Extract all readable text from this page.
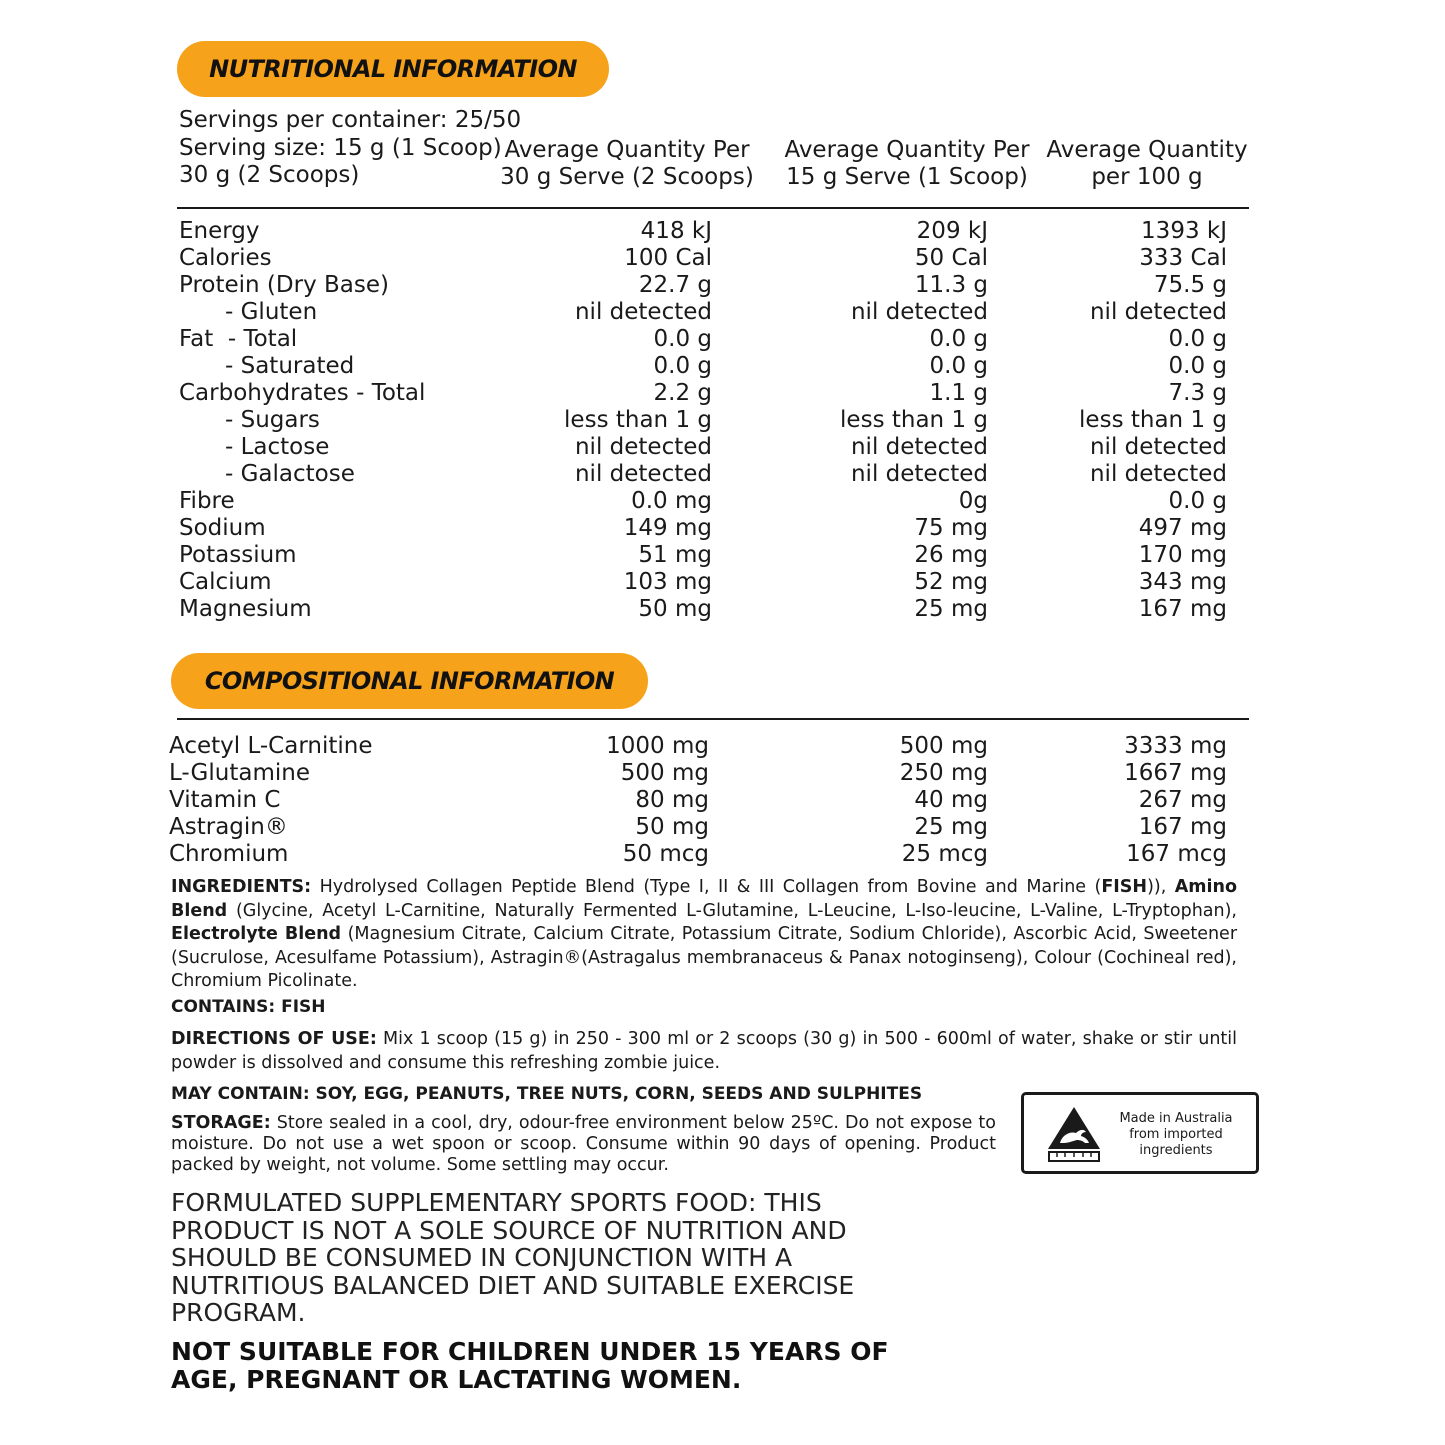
NUTRITIONAL INFORMATION
Servings per container: 25/50
Serving size: 15 g (1 Scoop)
30 g (2 Scoops)
Average Quantity Per
30 g Serve (2 Scoops)
Average Quantity Per
15 g Serve (1 Scoop)
Average Quantity
per 100 g
Energy	418 kJ	209 kJ	1393 kJ
Calories	100 Cal	50 Cal	333 Cal
Protein (Dry Base)	22.7 g	11.3 g	75.5 g
- Gluten	nil detected	nil detected	nil detected
Fat  - Total	0.0 g	0.0 g	0.0 g
- Saturated	0.0 g	0.0 g	0.0 g
Carbohydrates - Total	2.2 g	1.1 g	7.3 g
- Sugars	less than 1 g	less than 1 g	less than 1 g
- Lactose	nil detected	nil detected	nil detected
- Galactose	nil detected	nil detected	nil detected
Fibre	0.0 mg	0g	0.0 g
Sodium	149 mg	75 mg	497 mg
Potassium	51 mg	26 mg	170 mg
Calcium	103 mg	52 mg	343 mg
Magnesium	50 mg	25 mg	167 mg
COMPOSITIONAL INFORMATION
Acetyl L-Carnitine	1000 mg	500 mg	3333 mg
L-Glutamine	500 mg	250 mg	1667 mg
Vitamin C	80 mg	40 mg	267 mg
Astragin®	50 mg	25 mg	167 mg
Chromium	50 mcg	25 mcg	167 mcg
INGREDIENTS: Hydrolysed Collagen Peptide Blend (Type I, II & III Collagen from Bovine and Marine (FISH)), Amino Blend (Glycine, Acetyl L-Carnitine, Naturally Fermented L-Glutamine, L-Leucine, L-Iso-leucine, L-Valine, L-Tryptophan), Electrolyte Blend (Magnesium Citrate, Calcium Citrate, Potassium Citrate, Sodium Chloride), Ascorbic Acid, Sweetener (Sucrulose, Acesulfame Potassium), Astragin®(Astragalus membranaceus & Panax notoginseng), Colour (Cochineal red), Chromium Picolinate.
CONTAINS: FISH
DIRECTIONS OF USE: Mix 1 scoop (15 g) in 250 - 300 ml or 2 scoops (30 g) in 500 - 600ml of water, shake or stir until powder is dissolved and consume this refreshing zombie juice.
MAY CONTAIN: SOY, EGG, PEANUTS, TREE NUTS, CORN, SEEDS AND SULPHITES
STORAGE: Store sealed in a cool, dry, odour-free environment below 25ºC. Do not expose to moisture. Do not use a wet spoon or scoop. Consume within 90 days of opening. Product packed by weight, not volume. Some settling may occur.
Made in Australia
from imported
ingredients
FORMULATED SUPPLEMENTARY SPORTS FOOD: THIS PRODUCT IS NOT A SOLE SOURCE OF NUTRITION AND SHOULD BE CONSUMED IN CONJUNCTION WITH A NUTRITIOUS BALANCED DIET AND SUITABLE EXERCISE PROGRAM.
NOT SUITABLE FOR CHILDREN UNDER 15 YEARS OF AGE, PREGNANT OR LACTATING WOMEN.
